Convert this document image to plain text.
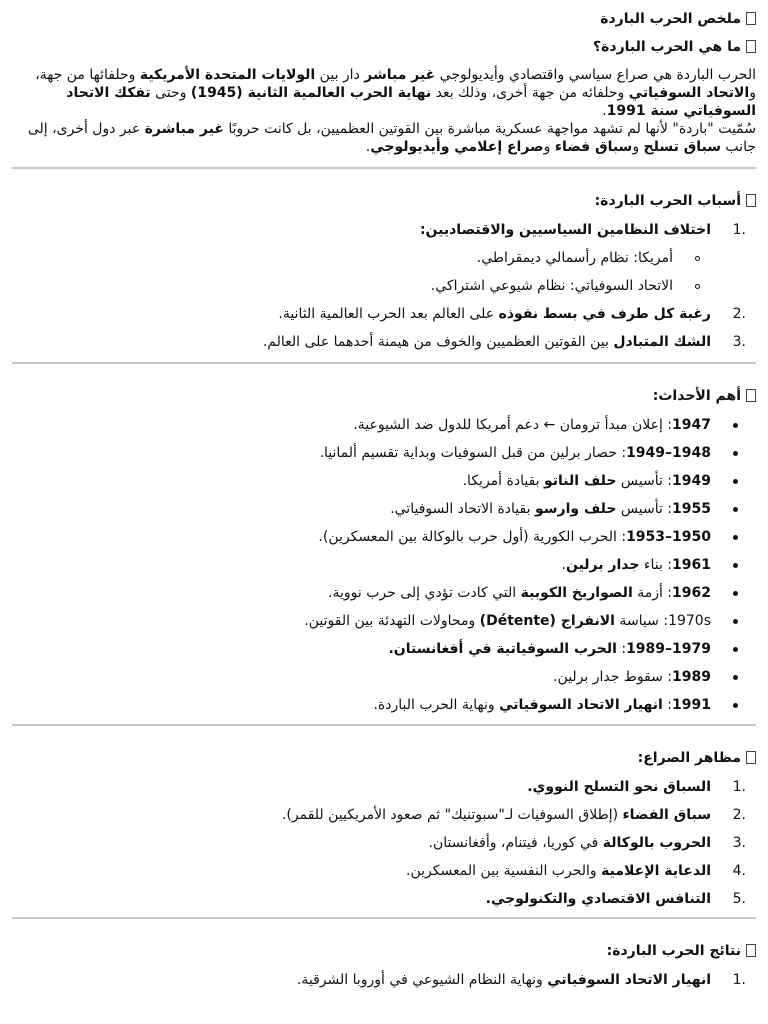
ملخص الحرب الباردة

ما هي الحرب الباردة؟

الحرب الباردة هي صراع سياسي واقتصادي وأيديولوجي غير مباشر دار بين الولايات المتحدة الأمريكية وحلفائها من جهة، والاتحاد السوفياتي وحلفائه من جهة أخرى، وذلك بعد نهاية الحرب العالمية الثانية (1945) وحتى تفكك الاتحاد السوفياتي سنة 1991.

سُمّيت "باردة" لأنها لم تشهد مواجهة عسكرية مباشرة بين القوتين العظميين، بل كانت حروبًا غير مباشرة عبر دول أخرى، إلى جانب سباق تسلح وسباق فضاء وصراع إعلامي وأيديولوجي.

أسباب الحرب الباردة:

1.
اختلاف النظامين السياسيين والاقتصاديين:
أمريكا: نظام رأسمالي ديمقراطي.
الاتحاد السوفياتي: نظام شيوعي اشتراكي.
2.
رغبة كل طرف في بسط نفوذه على العالم بعد الحرب العالمية الثانية.
3.
الشك المتبادل بين القوتين العظميين والخوف من هيمنة أحدهما على العالم.

أهم الأحداث:

1947: إعلان مبدأ ترومان ← دعم أمريكا للدول ضد الشيوعية.
1948–1949: حصار برلين من قبل السوفيات وبداية تقسيم ألمانيا.
1949: تأسيس حلف الناتو بقيادة أمريكا.
1955: تأسيس حلف وارسو بقيادة الاتحاد السوفياتي.
1950–1953: الحرب الكورية (أول حرب بالوكالة بين المعسكرين).
1961: بناء جدار برلين.
1962: أزمة الصواريخ الكوبية التي كادت تؤدي إلى حرب نووية.
1970s: سياسة الانفراج (Détente) ومحاولات التهدئة بين القوتين.
1979–1989: الحرب السوفياتية في أفغانستان.
1989: سقوط جدار برلين.
1991: انهيار الاتحاد السوفياتي ونهاية الحرب الباردة.

مظاهر الصراع:

1.
السباق نحو التسلح النووي.
2.
سباق الفضاء (إطلاق السوفيات لـ"سبوتنيك" ثم صعود الأمريكيين للقمر).
3.
الحروب بالوكالة في كوريا، فيتنام، وأفغانستان.
4.
الدعاية الإعلامية والحرب النفسية بين المعسكرين.
5.
التنافس الاقتصادي والتكنولوجي.

نتائج الحرب الباردة:

1.
انهيار الاتحاد السوفياتي ونهاية النظام الشيوعي في أوروبا الشرقية.
